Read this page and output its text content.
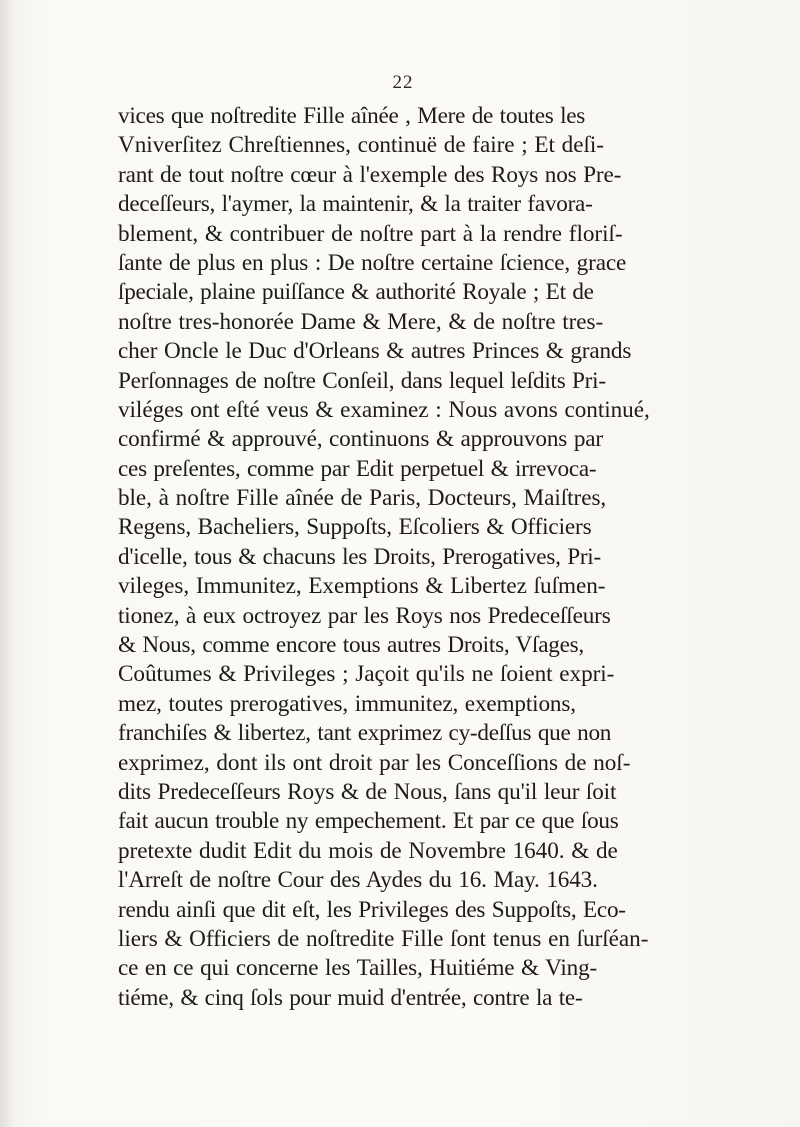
22
vices que noſtredite Fille aînée , Mere de toutes les
Vniverſitez Chreſtiennes, continuë de faire ; Et deſi-
rant de tout noſtre cœur à l'exemple des Roys nos Pre-
deceſſeurs, l'aymer, la maintenir, & la traiter favora-
blement, & contribuer de noſtre part à la rendre floriſ-
ſante de plus en plus : De noſtre certaine ſcience, grace
ſpeciale, plaine puiſſance & authorité Royale ; Et de
noſtre tres-honorée Dame & Mere, & de noſtre tres-
cher Oncle le Duc d'Orleans & autres Princes & grands
Perſonnages de noſtre Conſeil, dans lequel leſdits Pri-
viléges ont eſté veus & examinez : Nous avons continué,
confirmé & approuvé, continuons & approuvons par
ces preſentes, comme par Edit perpetuel & irrevoca-
ble, à noſtre Fille aînée de Paris, Docteurs, Maiſtres,
Regens, Bacheliers, Suppoſts, Eſcoliers & Officiers
d'icelle, tous & chacuns les Droits, Prerogatives, Pri-
vileges, Immunitez, Exemptions & Libertez ſuſmen-
tionez, à eux octroyez par les Roys nos Predeceſſeurs
& Nous, comme encore tous autres Droits, Vſages,
Coûtumes & Privileges ; Jaçoit qu'ils ne ſoient expri-
mez, toutes prerogatives, immunitez, exemptions,
franchiſes & libertez, tant exprimez cy-deſſus que non
exprimez, dont ils ont droit par les Conceſſions de noſ-
dits Predeceſſeurs Roys & de Nous, ſans qu'il leur ſoit
fait aucun trouble ny empechement. Et par ce que ſous
pretexte dudit Edit du mois de Novembre 1640. & de
l'Arreſt de noſtre Cour des Aydes du 16. May. 1643.
rendu ainſi que dit eſt, les Privileges des Suppoſts, Eco-
liers & Officiers de noſtredite Fille ſont tenus en ſurſéan-
ce en ce qui concerne les Tailles, Huitiéme & Ving-
tiéme, & cinq ſols pour muid d'entrée, contre la te-
